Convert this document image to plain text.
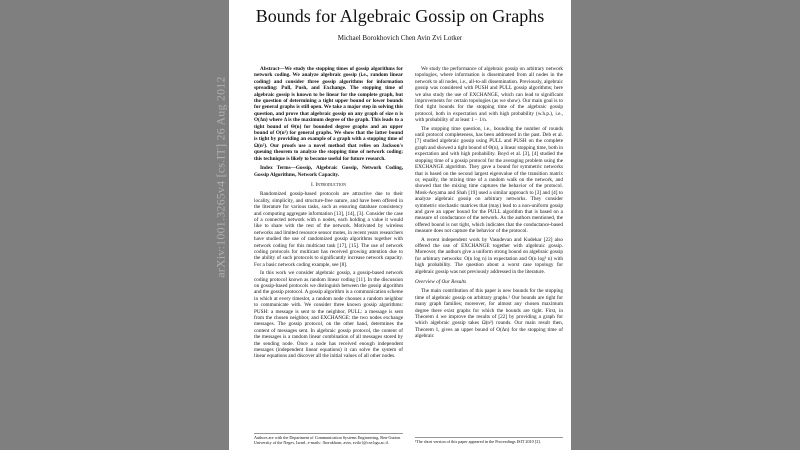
arXiv:1001.3265v4 [cs.IT] 26 Aug 2012
Bounds for Algebraic Gossip on Graphs
Michael Borokhovich Chen Avin Zvi Lotker
Abstract—We study the stopping times of gossip algorithms for network coding. We analyze algebraic gossip (i.e., random linear coding) and consider three gossip algorithms for information spreading: Pull, Push, and Exchange. The stopping time of algebraic gossip is known to be linear for the complete graph, but the question of determining a tight upper bound or lower bounds for general graphs is still open. We take a major step in solving this question, and prove that algebraic gossip on any graph of size n is O(Δn) where Δ is the maximum degree of the graph. This leads to a tight bound of Θ(n) for bounded degree graphs and an upper bound of O(n²) for general graphs. We show that the latter bound is tight by providing an example of a graph with a stopping time of Ω(n²). Our proofs use a novel method that relies on Jackson's queuing theorem to analyze the stopping time of network coding; this technique is likely to become useful for future research.
Index Terms—Gossip, Algebraic Gossip, Network Coding, Gossip Algorithms, Network Capacity.
I. Introduction

Randomized gossip-based protocols are attractive due to their locality, simplicity, and structure-free nature, and have been offered in the literature for various tasks, such as ensuring database consistency and computing aggregate information [13], [14], [3]. Consider the case of a connected network with n nodes, each holding a value it would like to share with the rest of the network. Motivated by wireless networks and limited resource sensor motes, in recent years researchers have studied the use of randomized gossip algorithms together with network coding for this multicast task [17], [15]. The use of network coding protocols for multicast has received growing attention due to the ability of such protocols to significantly increase network capacity. For a basic network coding example, see [8].

In this work we consider algebraic gossip, a gossip-based network coding protocol known as random linear coding [11]. In the discussion on gossip-based protocols we distinguish between the gossip algorithm and the gossip protocol. A gossip algorithm is a communication scheme in which at every timeslot, a random node chooses a random neighbor to communicate with. We consider three known gossip algorithms: PUSH: a message is sent to the neighbor, PULL: a message is sent from the chosen neighbor, and EXCHANGE: the two nodes exchange messages. The gossip protocol, on the other hand, determines the content of messages sent. In algebraic gossip protocol, the content of the messages is a random linear combination of all messages stored by the sending node. Once a node has received enough independent messages (independent linear equations) it can solve the system of linear equations and discover all the initial values of all other nodes.

We study the performance of algebraic gossip on arbitrary network topologies, where information is disseminated from all nodes in the network to all nodes, i.e., all-to-all dissemination. Previously, algebraic gossip was considered with PUSH and PULL gossip algorithms; here we also study the use of EXCHANGE, which can lead to significant improvements for certain topologies (as we show). Our main goal is to find tight bounds for the stopping time of the algebraic gossip protocol, both in expectation and with high probability (w.h.p.), i.e., with probability of at least 1 − 1/n.

The stopping time question, i.e., bounding the number of rounds until protocol completeness, has been addressed in the past. Deb et al. [7] studied algebraic gossip using PULL and PUSH on the complete graph and showed a tight bound of Θ(n), a linear stopping time, both in expectation and with high probability. Boyd et al. [3], [4] studied the stopping time of a gossip protocol for the averaging problem using the EXCHANGE algorithm. They gave a bound for symmetric networks that is based on the second largest eigenvalue of the transition matrix or, equally, the mixing time of a random walk on the network, and showed that the mixing time captures the behavior of the protocol. Mosk-Aoyama and Shah [19] used a similar approach to [3] and [4] to analyze algebraic gossip on arbitrary networks. They consider symmetric stochastic matrices that (may) lead to a non-uniform gossip and gave an upper bound for the PULL algorithm that is based on a measure of conductance of the network. As the authors mentioned, the offered bound is not tight, which indicates that the conductance-based measure does not capture the behavior of the protocol.

A recent independent work by Vasudevan and Kudekar [22] also offered the use of EXCHANGE together with algebraic gossip. Moreover, the authors give a uniform strong bound on algebraic gossip for arbitrary networks: O(n log n) in expectation and O(n log² n) with high probability. The question about a worst case topology for algebraic gossip was not previously addressed in the literature.

Overview of Our Results

The main contribution of this paper is new bounds for the stopping time of algebraic gossip on arbitrary graphs.¹ Our bounds are tight for many graph families; moreover, for almost any chosen maximum degree there exist graphs for which the bounds are tight. First, in Theorem 4 we improve the results of [22] by providing a graph for which algebraic gossip takes Ω(n²) rounds. Our main result then, Theorem 1, gives an upper bound of O(Δn) for the stopping time of algebraic

Authors are with the Department of Communication Systems Engineering, Ben-Gurion University of the Negev, Israel, e-mails: {borokhom, avin, zvilo}@cse.bgu.ac.il.	¹The short version of this paper appeared in the Proceedings ISIT 2010 [2].
